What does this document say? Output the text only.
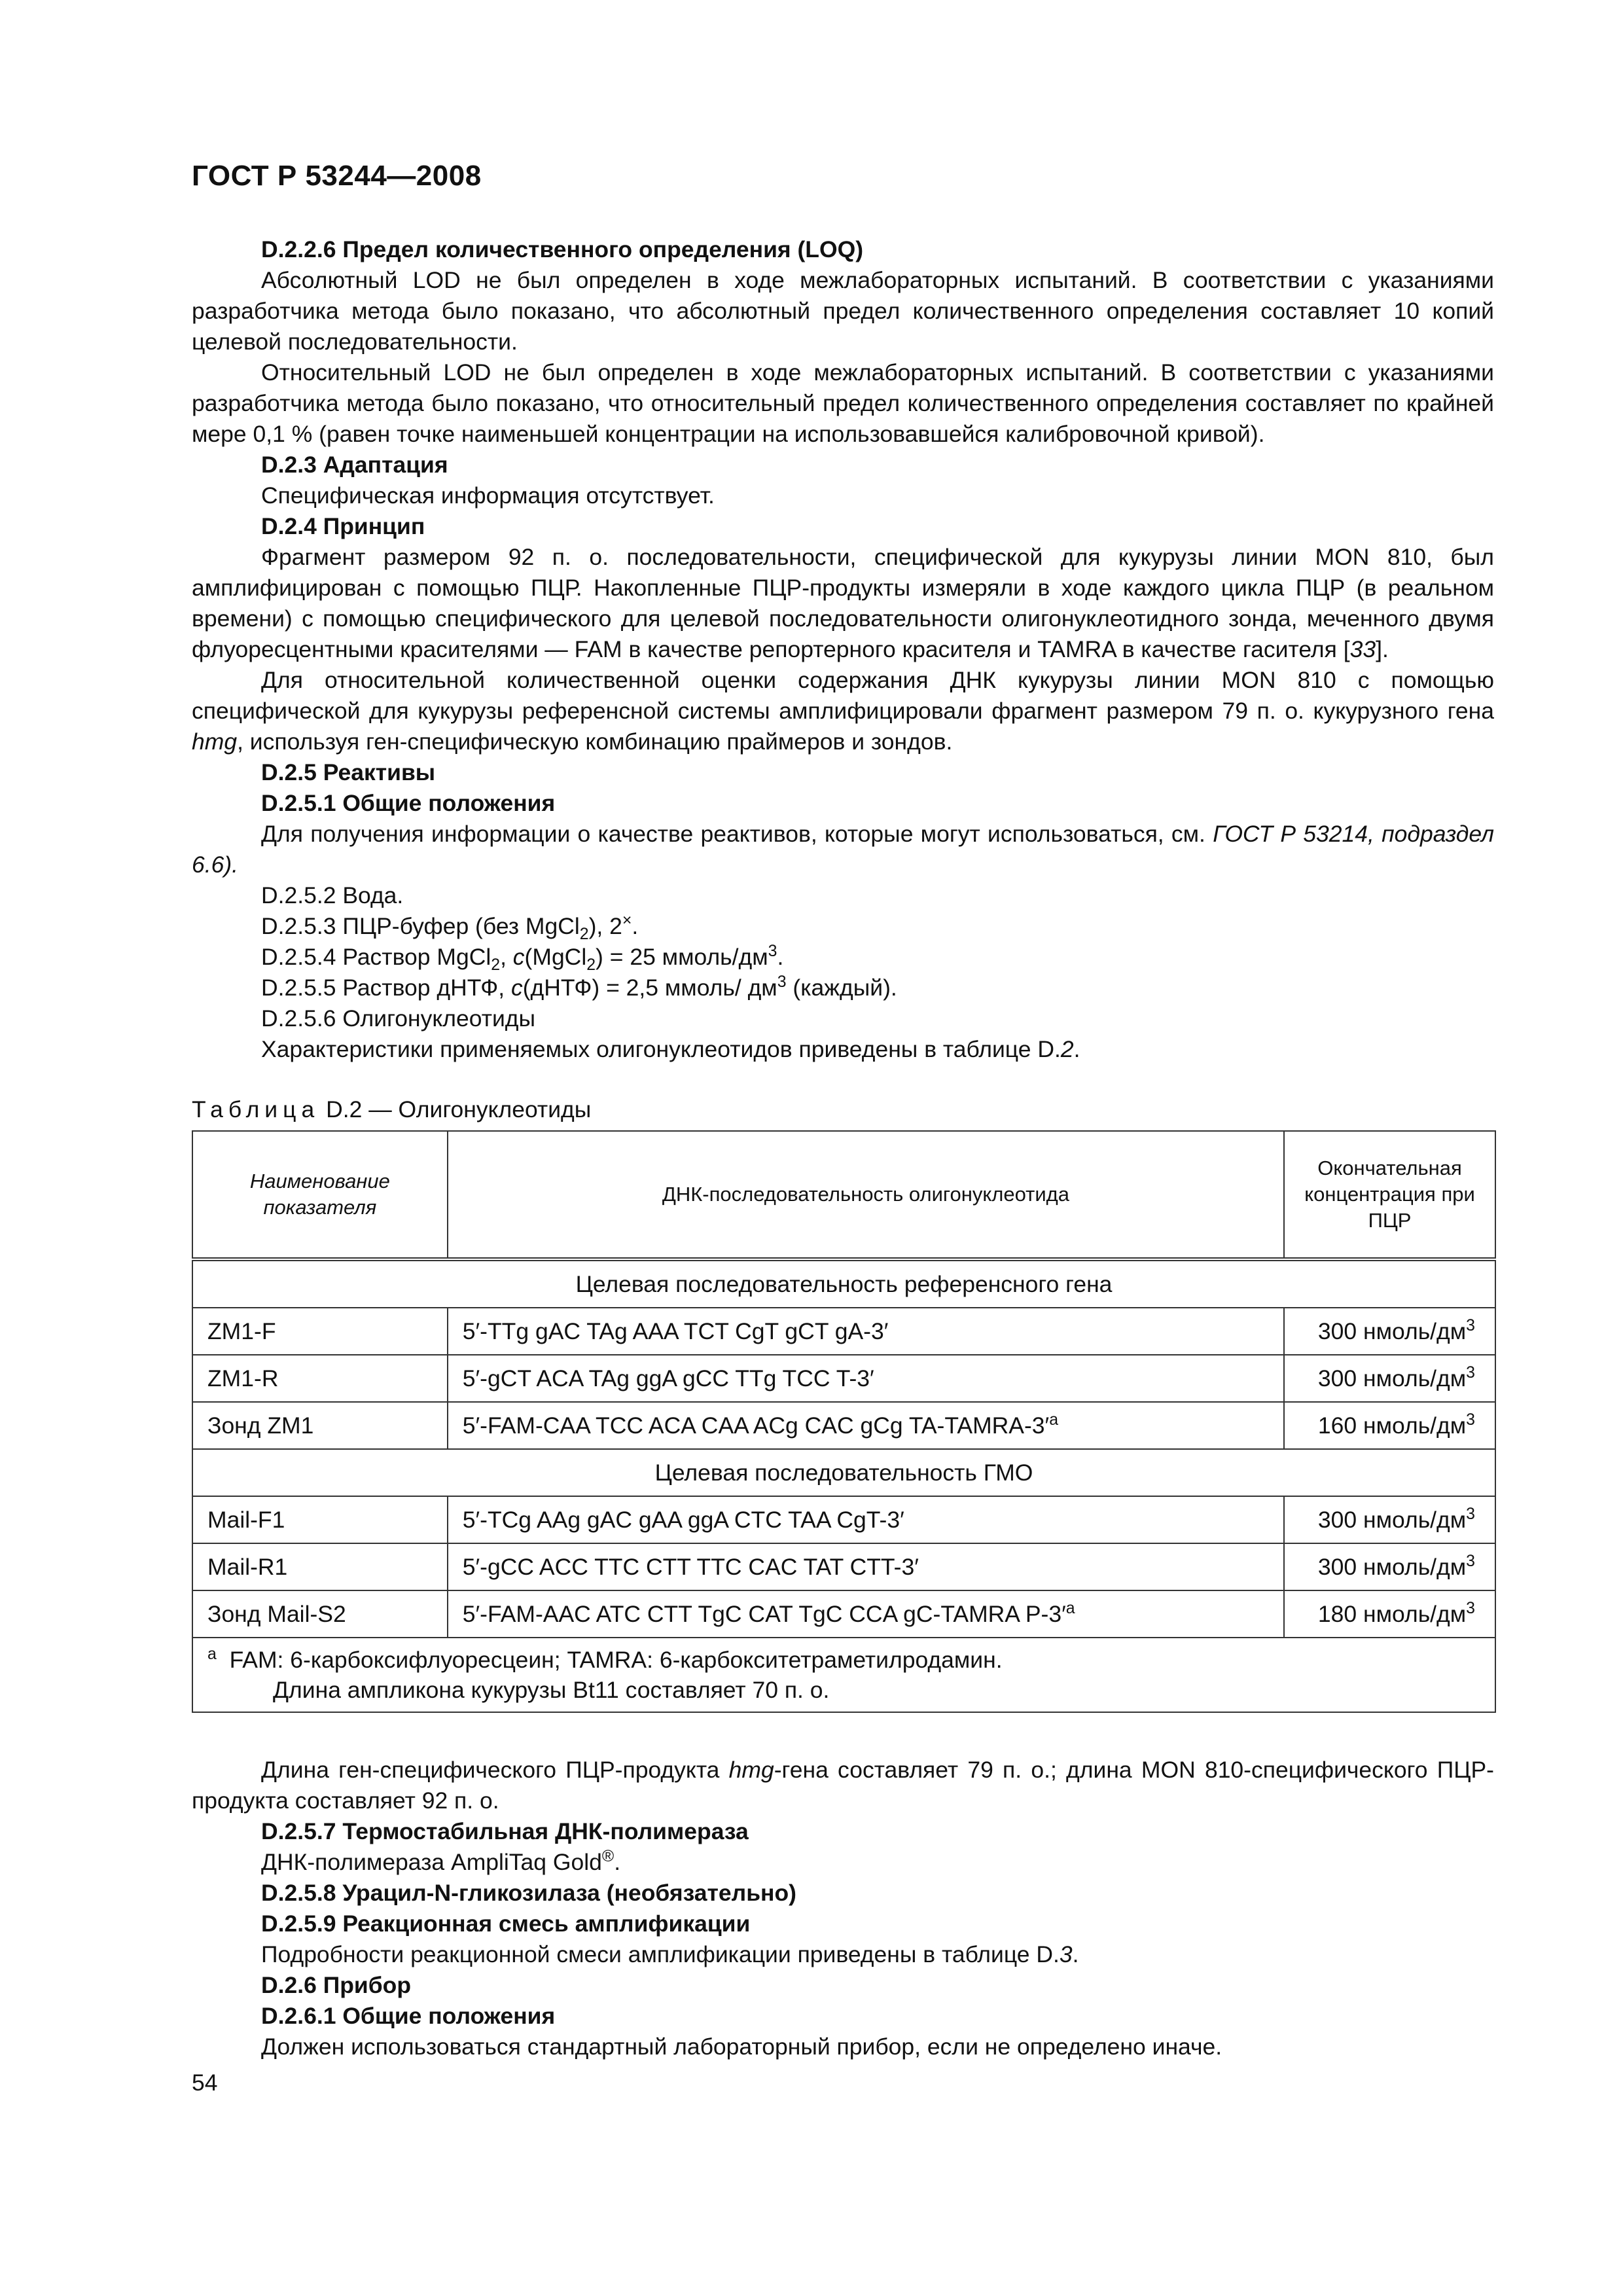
ГОСТ Р 53244—2008

D.2.2.6 Предел количественного определения (LOQ)

Абсолютный LOD не был определен в ходе межлабораторных испытаний. В соответствии с указаниями разработчика метода было показано, что абсолютный предел количественного определения составляет 10 копий целевой последовательности.

Относительный LOD не был определен в ходе межлабораторных испытаний. В соответствии с указаниями разработчика метода было показано, что относительный предел количественного определения составляет по крайней мере 0,1 % (равен точке наименьшей концентрации на использовавшейся калибровочной кривой).

D.2.3 Адаптация

Специфическая информация отсутствует.

D.2.4 Принцип

Фрагмент размером 92 п. о. последовательности, специфической для кукурузы линии MON 810, был амплифицирован с помощью ПЦР. Накопленные ПЦР-продукты измеряли в ходе каждого цикла ПЦР (в реальном времени) с помощью специфического для целевой последовательности олигонуклеотидного зонда, меченного двумя флуоресцентными красителями — FAM в качестве репортерного красителя и TAMRA в качестве гасителя [33].

Для относительной количественной оценки содержания ДНК кукурузы линии MON 810 с помощью специфической для кукурузы референсной системы амплифицировали фрагмент размером 79 п. о. кукурузного гена hmg, используя ген-специфическую комбинацию праймеров и зондов.

D.2.5 Реактивы

D.2.5.1 Общие положения

Для получения информации о качестве реактивов, которые могут использоваться, см. ГОСТ Р 53214, подраздел 6.6).

D.2.5.2 Вода.

D.2.5.3 ПЦР-буфер (без MgCl$_2$), 2×.

D.2.5.4 Раствор MgCl$_2$, c(MgCl$_2$) = 25 ммоль/$дм^3$.

D.2.5.5 Раствор дНТФ, c(дНТФ) = 2,5 ммоль/ $дм^3$ (каждый).

D.2.5.6 Олигонуклеотиды

Характеристики применяемых олигонуклеотидов приведены в таблице D.2.

Таблица D.2 — Олигонуклеотиды

Наименование показателя	ДНК-последовательность олигонуклеотида	Окончательная концентрация при ПЦР
Целевая последовательность референсного гена		
ZM1-F	5′-TTg gAC TAg AAA TCT CgT gCT gA-3′	300 нмоль/$дм^3$
ZM1-R	5′-gCT ACA TAg ggA gCC TTg TCC T-3′	300 нмоль/$дм^3$
Зонд ZM1	5′-FAM-CAA TCC ACA CAA ACg CAC gCg $TA-TAMRA-3'^a$	160 нмоль/$дм^3$
Целевая последовательность ГМО		
Mail-F1	5′-TCg AAg gAC gAA ggA CTC TAA CgT-3′	300 нмоль/$дм^3$
Mail-R1	5′-gCC ACC TTC CTT TTC CAC TAT CTT-3′	300 нмоль/$дм^3$
Зонд Mail-S2	5′-FAM-AAC ATC CTT TgC CAT TgC CCA gC-TAMRA $P-3'^a$	180 нмоль/$дм^3$
$^a$ FAM: 6-карбоксифлуоресцеин; TAMRA: 6-карбокситетраметилродамин.
Длина ампликона кукурузы Bt11 составляет 70 п. о.		

Длина ген-специфического ПЦР-продукта hmg-гена составляет 79 п. о.; длина MON 810-специфического ПЦР-продукта составляет 92 п. о.

D.2.5.7 Термостабильная ДНК-полимераза

ДНК-полимераза AmpliTaq Gold®.

D.2.5.8 Урацил-N-гликозилаза (необязательно)

D.2.5.9 Реакционная смесь амплификации

Подробности реакционной смеси амплификации приведены в таблице D.3.

D.2.6 Прибор

D.2.6.1 Общие положения

Должен использоваться стандартный лабораторный прибор, если не определено иначе.

54
